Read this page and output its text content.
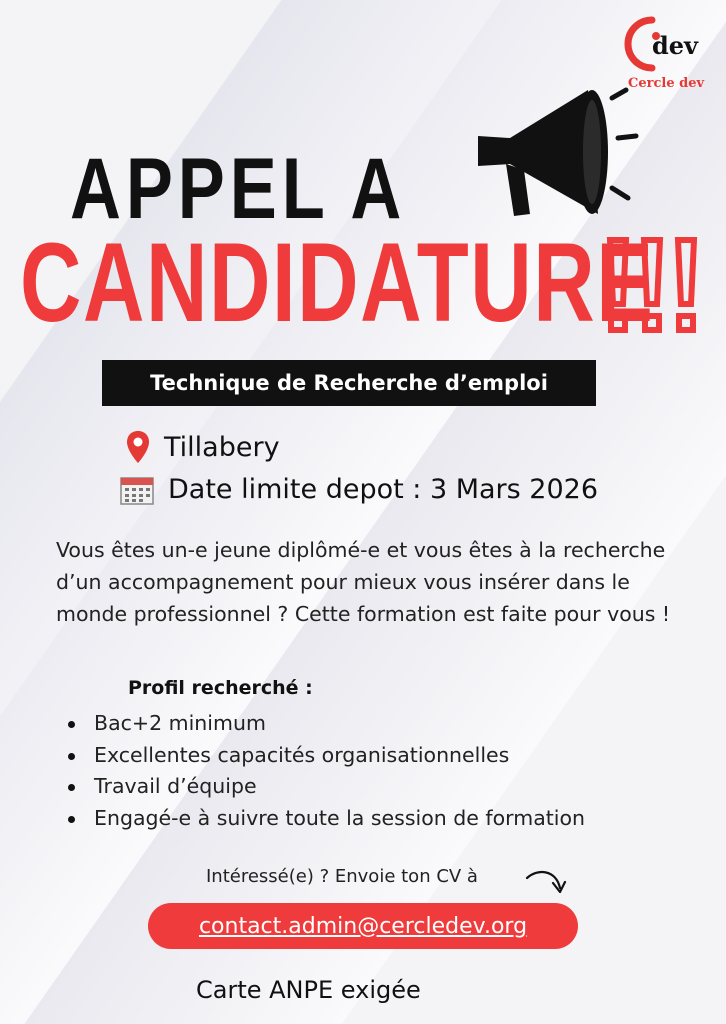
dev
Cercle dev
APPEL A
CANDIDATURE
Technique de Recherche d’emploi
Tillabery
Date limite depot : 3 Mars 2026
Vous êtes un-e jeune diplômé-e et vous êtes à la recherche d’un accompagnement pour mieux vous insérer dans le monde professionnel ? Cette formation est faite pour vous !
Profil recherché :
Bac+2 minimum
Excellentes capacités organisationnelles
Travail d’équipe
Engagé-e à suivre toute la session de formation
Intéressé(e) ? Envoie ton CV à
contact.admin@cercledev.org
Carte ANPE exigée
